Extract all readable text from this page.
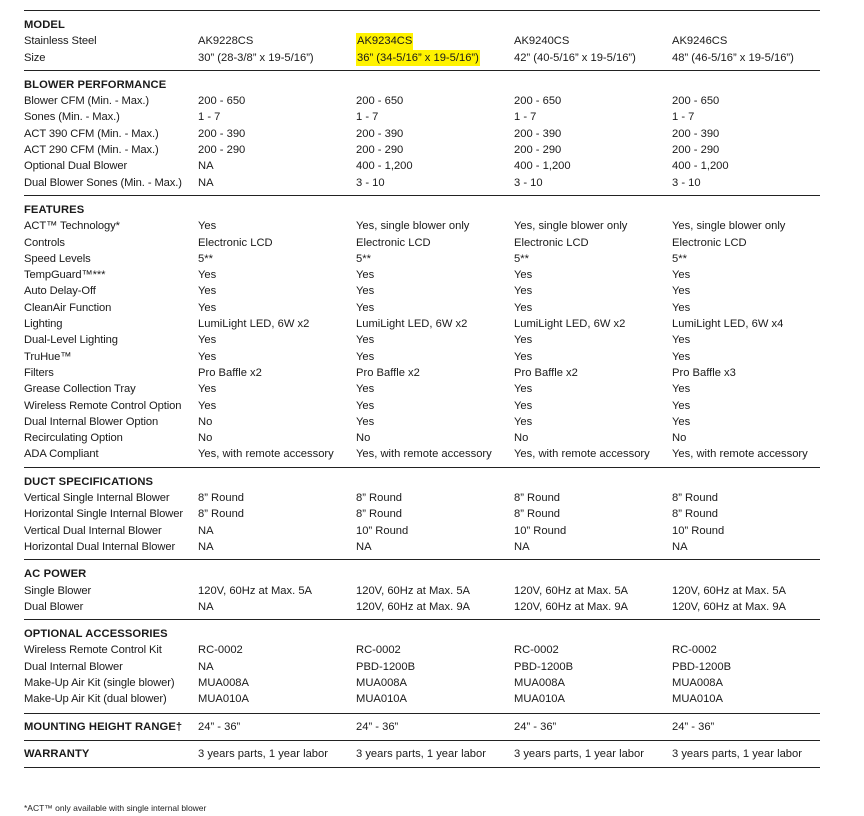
MODEL
Stainless Steel	AK9228CS	AK9234CS	AK9240CS	AK9246CS
Size	30” (28-3/8” x 19-5/16”)	36” (34-5/16” x 19-5/16”)	42” (40-5/16” x 19-5/16”)	48” (46-5/16” x 19-5/16”)
BLOWER PERFORMANCE
Blower CFM (Min. - Max.)	200 - 650	200 - 650	200 - 650	200 - 650
Sones (Min. - Max.)	1 - 7	1 - 7	1 - 7	1 - 7
ACT 390 CFM (Min. - Max.)	200 - 390	200 - 390	200 - 390	200 - 390
ACT 290 CFM (Min. - Max.)	200 - 290	200 - 290	200 - 290	200 - 290
Optional Dual Blower	NA	400 - 1,200	400 - 1,200	400 - 1,200
Dual Blower Sones (Min. - Max.) NA	3 - 10	3 - 10	3 - 10
FEATURES
ACT™ Technology*	Yes	Yes, single blower only	Yes, single blower only	Yes, single blower only
Controls	Electronic LCD	Electronic LCD	Electronic LCD	Electronic LCD
Speed Levels	5**	5**	5**	5**
TempGuard™***	Yes	Yes	Yes	Yes
Auto Delay-Off	Yes	Yes	Yes	Yes
CleanAir Function	Yes	Yes	Yes	Yes
Lighting	LumiLight LED, 6W x2	LumiLight LED, 6W x2	LumiLight LED, 6W x2	LumiLight LED, 6W x4
Dual-Level Lighting	Yes	Yes	Yes	Yes
TruHue™	Yes	Yes	Yes	Yes
Filters	Pro Baffle x2	Pro Baffle x2	Pro Baffle x2	Pro Baffle x3
Grease Collection Tray	Yes	Yes	Yes	Yes
Wireless Remote Control Option Yes	Yes	Yes	Yes
Dual Internal Blower Option	No	Yes	Yes	Yes
Recirculating Option	No	No	No	No
ADA Compliant	Yes, with remote accessory Yes, with remote accessory Yes, with remote accessory Yes, with remote accessory
DUCT SPECIFICATIONS
Vertical Single Internal Blower	8” Round	8” Round	8” Round	8” Round
Horizontal Single Internal Blower 8” Round	8” Round	8” Round	8” Round
Vertical Dual Internal Blower	NA	10” Round	10” Round	10” Round
Horizontal Dual Internal Blower NA	NA	NA	NA
AC POWER
Single Blower	120V, 60Hz at Max. 5A	120V, 60Hz at Max. 5A	120V, 60Hz at Max. 5A	120V, 60Hz at Max. 5A
Dual Blower	NA	120V, 60Hz at Max. 9A	120V, 60Hz at Max. 9A	120V, 60Hz at Max. 9A
OPTIONAL ACCESSORIES
Wireless Remote Control Kit	RC-0002	RC-0002	RC-0002	RC-0002
Dual Internal Blower	NA	PBD-1200B	PBD-1200B	PBD-1200B
Make-Up Air Kit (single blower) MUA008A	MUA008A	MUA008A	MUA008A
Make-Up Air Kit (dual blower)	MUA010A	MUA010A	MUA010A	MUA010A
MOUNTING HEIGHT RANGE† 24” - 36”	24” - 36”	24” - 36”	24” - 36”
WARRANTY	3 years parts, 1 year labor	3 years parts, 1 year labor	3 years parts, 1 year labor	3 years parts, 1 year labor
*ACT™ only available with single internal blower
